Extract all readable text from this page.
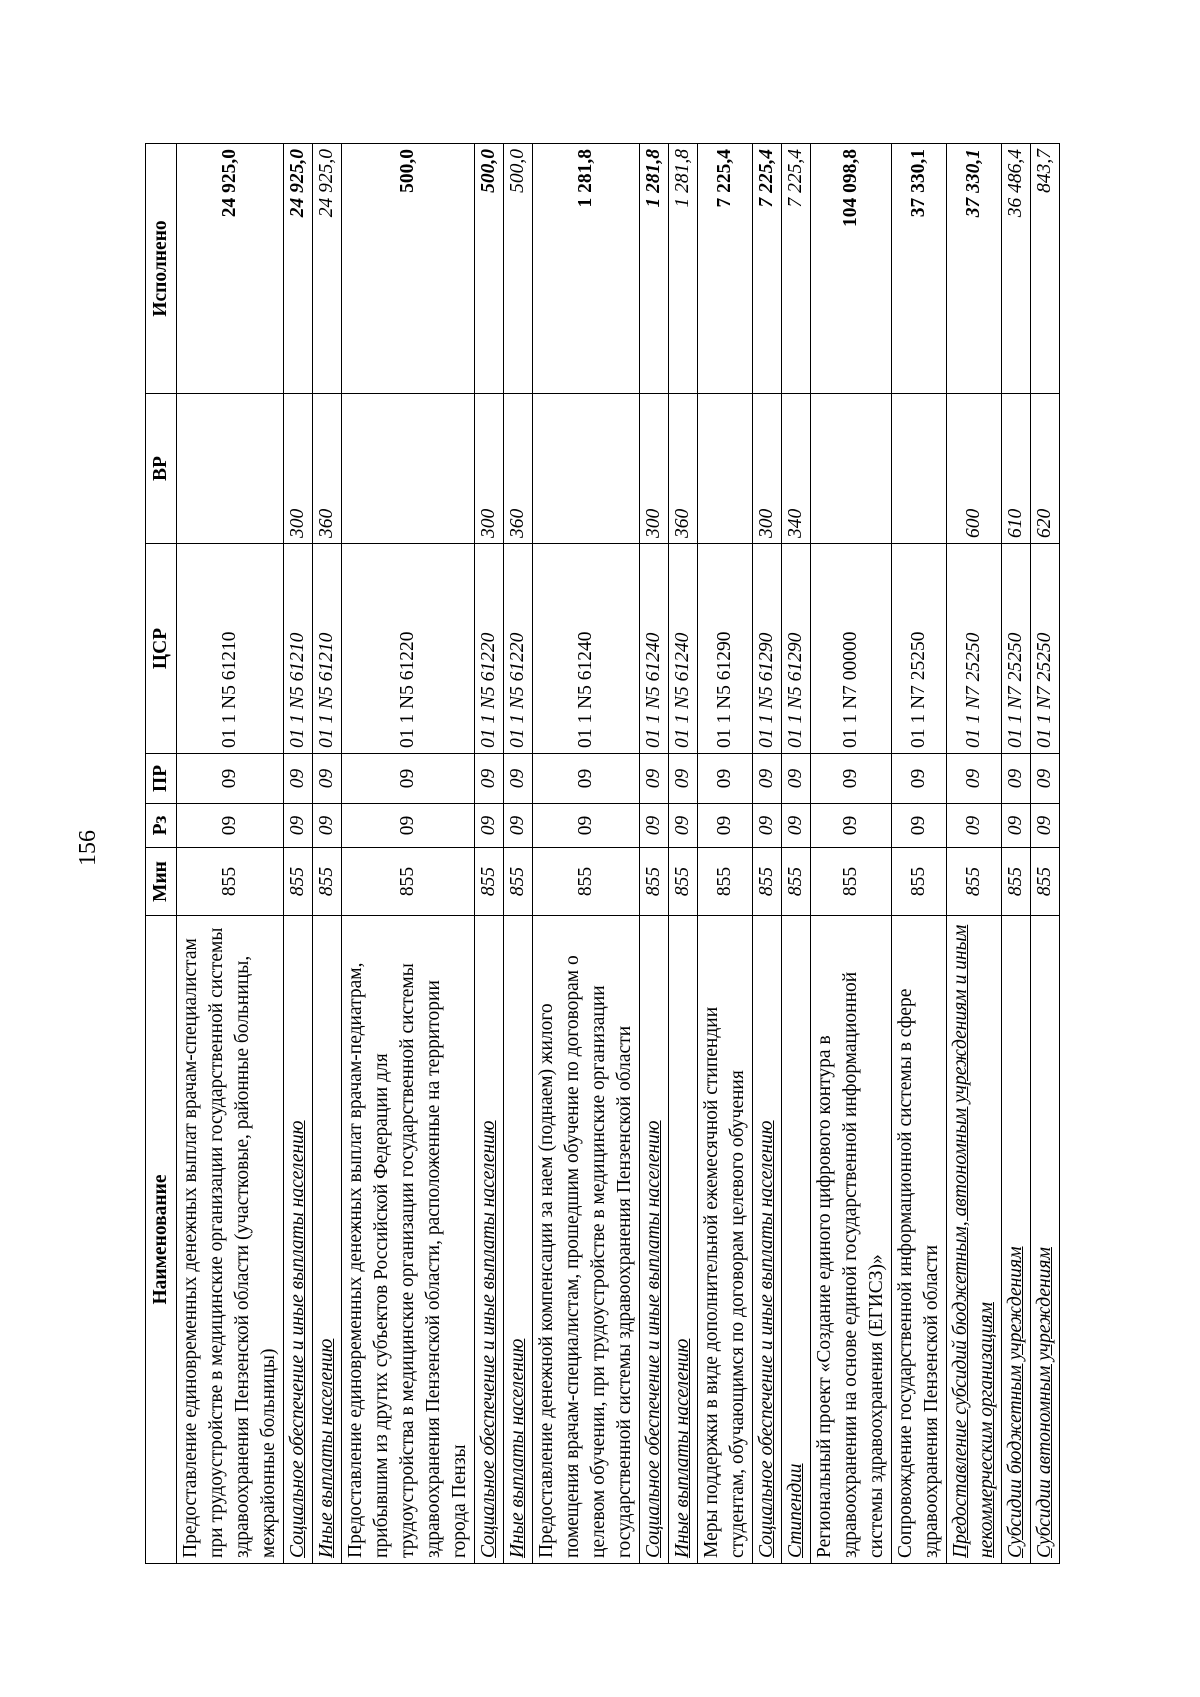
156
Наименование	Мин	Рз	ПР	ЦСР	ВР	Исполнено
Предоставление единовременных денежных выплат врачам-специалистам при трудоустройстве в медицинские организации государственной системы здравоохранения Пензенской области (участковые, районные больницы, межрайонные больницы)	855	09	09	01 1 N5 61210		24 925,0
Социальное обеспечение и иные выплаты населению	855	09	09	01 1 N5 61210	300	24 925,0
Иные выплаты населению	855	09	09	01 1 N5 61210	360	24 925,0
Предоставление единовременных денежных выплат врачам-педиатрам, прибывшим из других субъектов Российской Федерации для трудоустройства в медицинские организации государственной системы здравоохранения Пензенской области, расположенные на территории города Пензы	855	09	09	01 1 N5 61220		500,0
Социальное обеспечение и иные выплаты населению	855	09	09	01 1 N5 61220	300	500,0
Иные выплаты населению	855	09	09	01 1 N5 61220	360	500,0
Предоставление денежной компенсации за наем (поднаем) жилого помещения врачам-специалистам, прошедшим обучение по договорам о целевом обучении, при трудоустройстве в медицинские организации государственной системы здравоохранения Пензенской области	855	09	09	01 1 N5 61240		1 281,8
Социальное обеспечение и иные выплаты населению	855	09	09	01 1 N5 61240	300	1 281,8
Иные выплаты населению	855	09	09	01 1 N5 61240	360	1 281,8
Меры поддержки в виде дополнительной ежемесячной стипендии студентам, обучающимся по договорам целевого обучения	855	09	09	01 1 N5 61290		7 225,4
Социальное обеспечение и иные выплаты населению	855	09	09	01 1 N5 61290	300	7 225,4
Стипендии	855	09	09	01 1 N5 61290	340	7 225,4
Региональный проект «Создание единого цифрового контура в здравоохранении на основе единой государственной информационной системы здравоохранения (ЕГИСЗ)»	855	09	09	01 1 N7 00000		104 098,8
Сопровождение государственной информационной системы в сфере здравоохранения Пензенской области	855	09	09	01 1 N7 25250		37 330,1
Предоставление субсидий бюджетным, автономным учреждениям и иным некоммерческим организациям	855	09	09	01 1 N7 25250	600	37 330,1
Субсидии бюджетным учреждениям	855	09	09	01 1 N7 25250	610	36 486,4
Субсидии автономным учреждениям	855	09	09	01 1 N7 25250	620	843,7
